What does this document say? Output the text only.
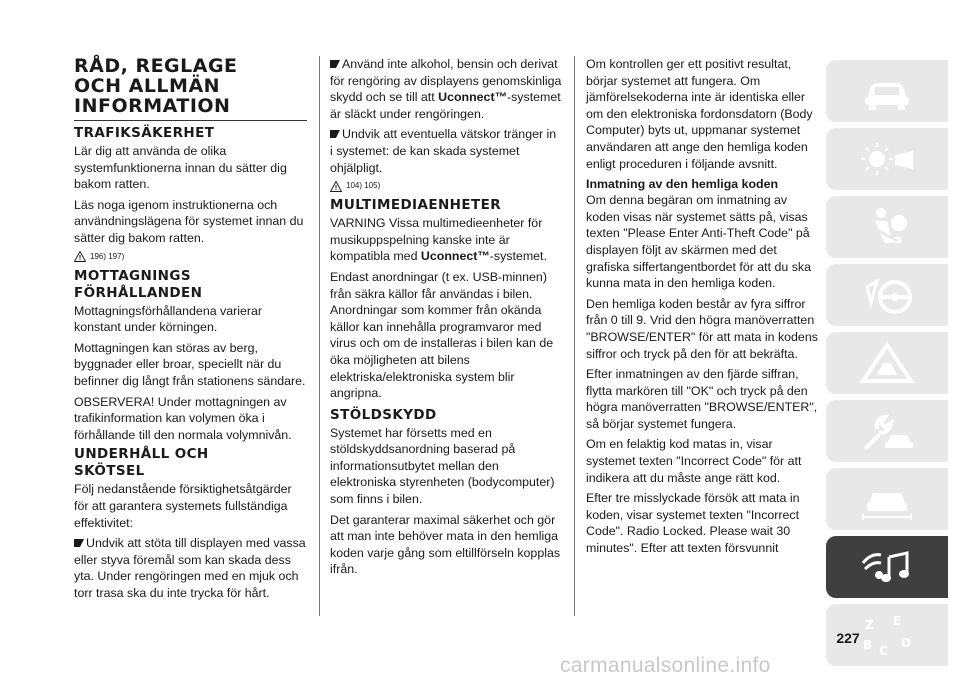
RÅD, REGLAGE
OCH ALLMÄN
INFORMATION
TRAFIKSÄKERHET

Lär dig att använda de olika systemfunktionerna innan du sätter dig bakom ratten.

Läs noga igenom instruktionerna och användningslägena för systemet innan du sätter dig bakom ratten.

196) 197)
MOTTAGNINGS
FÖRHÅLLANDEN

Mottagningsförhållandena varierar konstant under körningen.

Mottagningen kan störas av berg, byggnader eller broar, speciellt när du befinner dig långt från stationens sändare.

OBSERVERA! Under mottagningen av trafikinformation kan volymen öka i förhållande till den normala volymnivån.

UNDERHÅLL OCH
SKÖTSEL

Följ nedanstående försiktighetsåtgärder för att garantera systemets fullständiga effektivitet:

Undvik att stöta till displayen med vassa eller styva föremål som kan skada dess yta. Under rengöringen med en mjuk och torr trasa ska du inte trycka för hårt.

Använd inte alkohol, bensin och derivat för rengöring av displayens genomskinliga skydd och se till att Uconnect™-systemet är släckt under rengöringen.

Undvik att eventuella vätskor tränger in i systemet: de kan skada systemet ohjälpligt.

104) 105)
MULTIMEDIAENHETER

VARNING Vissa multimedieenheter för musikuppspelning kanske inte är kompatibla med Uconnect™-systemet.

Endast anordningar (t ex. USB-minnen) från säkra källor får användas i bilen. Anordningar som kommer från okända källor kan innehålla programvaror med virus och om de installeras i bilen kan de öka möjligheten att bilens elektriska/elektroniska system blir angripna.

STÖLDSKYDD

Systemet har försetts med en stöldskyddsanordning baserad på informationsutbytet mellan den elektroniska styrenheten (bodycomputer) som finns i bilen.

Det garanterar maximal säkerhet och gör att man inte behöver mata in den hemliga koden varje gång som eltillförseln kopplas ifrån.

Om kontrollen ger ett positivt resultat, börjar systemet att fungera. Om jämförelsekoderna inte är identiska eller om den elektroniska fordonsdatorn (Body Computer) byts ut, uppmanar systemet användaren att ange den hemliga koden enligt proceduren i följande avsnitt.

Inmatning av den hemliga koden

Om denna begäran om inmatning av koden visas när systemet sätts på, visas texten "Please Enter Anti-Theft Code" på displayen följt av skärmen med det grafiska siffertangentbordet för att du ska kunna mata in den hemliga koden.

Den hemliga koden består av fyra siffror från 0 till 9. Vrid den högra manöverratten "BROWSE/ENTER" för att mata in kodens siffror och tryck på den för att bekräfta.

Efter inmatningen av den fjärde siffran, flytta markören till "OK" och tryck på den högra manöverratten "BROWSE/ENTER", så börjar systemet fungera.

Om en felaktig kod matas in, visar systemet texten "Incorrect Code" för att indikera att du måste ange rätt kod.

Efter tre misslyckade försök att mata in koden, visar systemet texten "Incorrect Code". Radio Locked. Please wait 30 minutes". Efter att texten försvunnit

Z E
B C
D
227
carmanualsonline.info
